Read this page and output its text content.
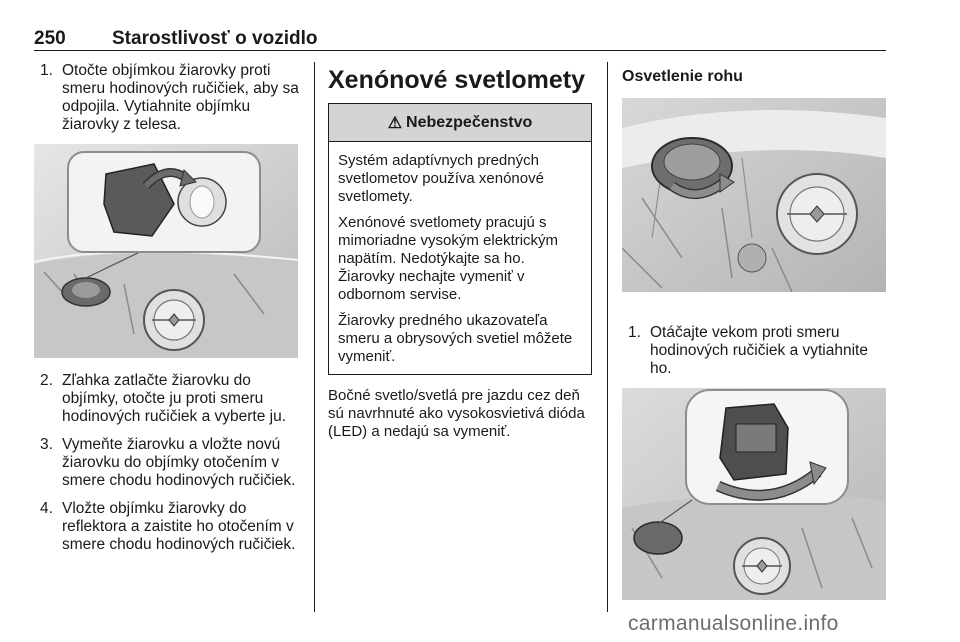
250 Starostlivosť o vozidlo
1. Otočte objímkou žiarovky proti smeru hodinových ručičiek, aby sa odpojila. Vytiahnite objímku žiarovky z telesa.
2. Zľahka zatlačte žiarovku do objímky, otočte ju proti smeru hodinových ručičiek a vyberte ju.
3. Vymeňte žiarovku a vložte novú žiarovku do objímky otočením v smere chodu hodinových ručičiek.
4. Vložte objímku žiarovky do reflektora a zaistite ho otočením v smere chodu hodinových ručičiek.
Xenónové svetlomety
⚠ Nebezpečenstvo

Systém adaptívnych predných svetlometov používa xenónové svetlomety.

Xenónové svetlomety pracujú s mimoriadne vysokým elektrickým napätím. Nedotýkajte sa ho. Žiarovky nechajte vymeniť v odbornom servise.

Žiarovky predného ukazovateľa smeru a obrysových svetiel môžete vymeniť.

Bočné svetlo/svetlá pre jazdu cez deň sú navrhnuté ako vysokosvietivá dióda (LED) a nedajú sa vymeniť.

Osvetlenie rohu
1. Otáčajte vekom proti smeru hodinových ručičiek a vytiahnite ho.
carmanualsonline.info
